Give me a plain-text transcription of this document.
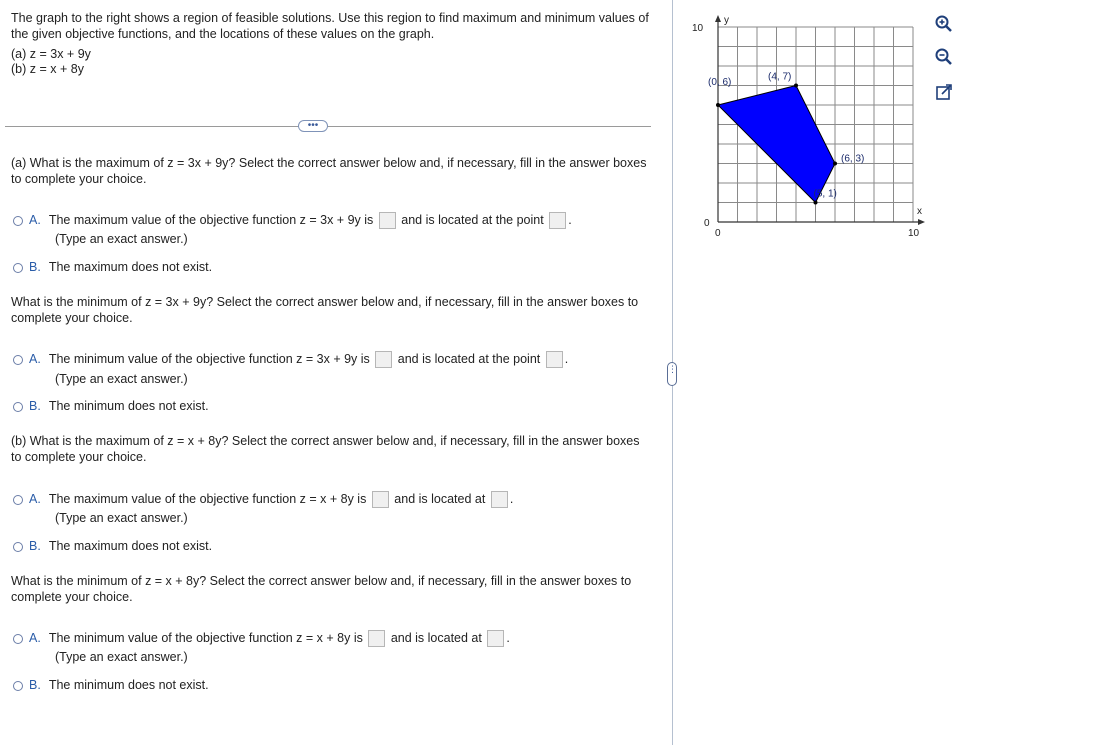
The graph to the right shows a region of feasible solutions. Use this region to find maximum and minimum values of the given objective functions, and the locations of these values on the graph.

(a) z = 3x + 9y
(b) z = x + 8y
•••
(a) What is the maximum of z = 3x + 9y? Select the correct answer below and, if necessary, fill in the answer boxes to complete your choice.
A. The maximum value of the objective function z = 3x + 9y is and is located at the point .
(Type an exact answer.)
B. The maximum does not exist.
What is the minimum of z = 3x + 9y? Select the correct answer below and, if necessary, fill in the answer boxes to complete your choice.
A. The minimum value of the objective function z = 3x + 9y is and is located at the point .
(Type an exact answer.)
B. The minimum does not exist.
(b) What is the maximum of z = x + 8y? Select the correct answer below and, if necessary, fill in the answer boxes to complete your choice.
A. The maximum value of the objective function z = x + 8y is and is located at .
(Type an exact answer.)
B. The maximum does not exist.
What is the minimum of z = x + 8y? Select the correct answer below and, if necessary, fill in the answer boxes to complete your choice.
A. The minimum value of the objective function z = x + 8y is and is located at .
(Type an exact answer.)
B. The minimum does not exist.
⋮
(0, 6)	(4, 7)
(6, 3)
(5, 1)
0	10
0
10
x
y
